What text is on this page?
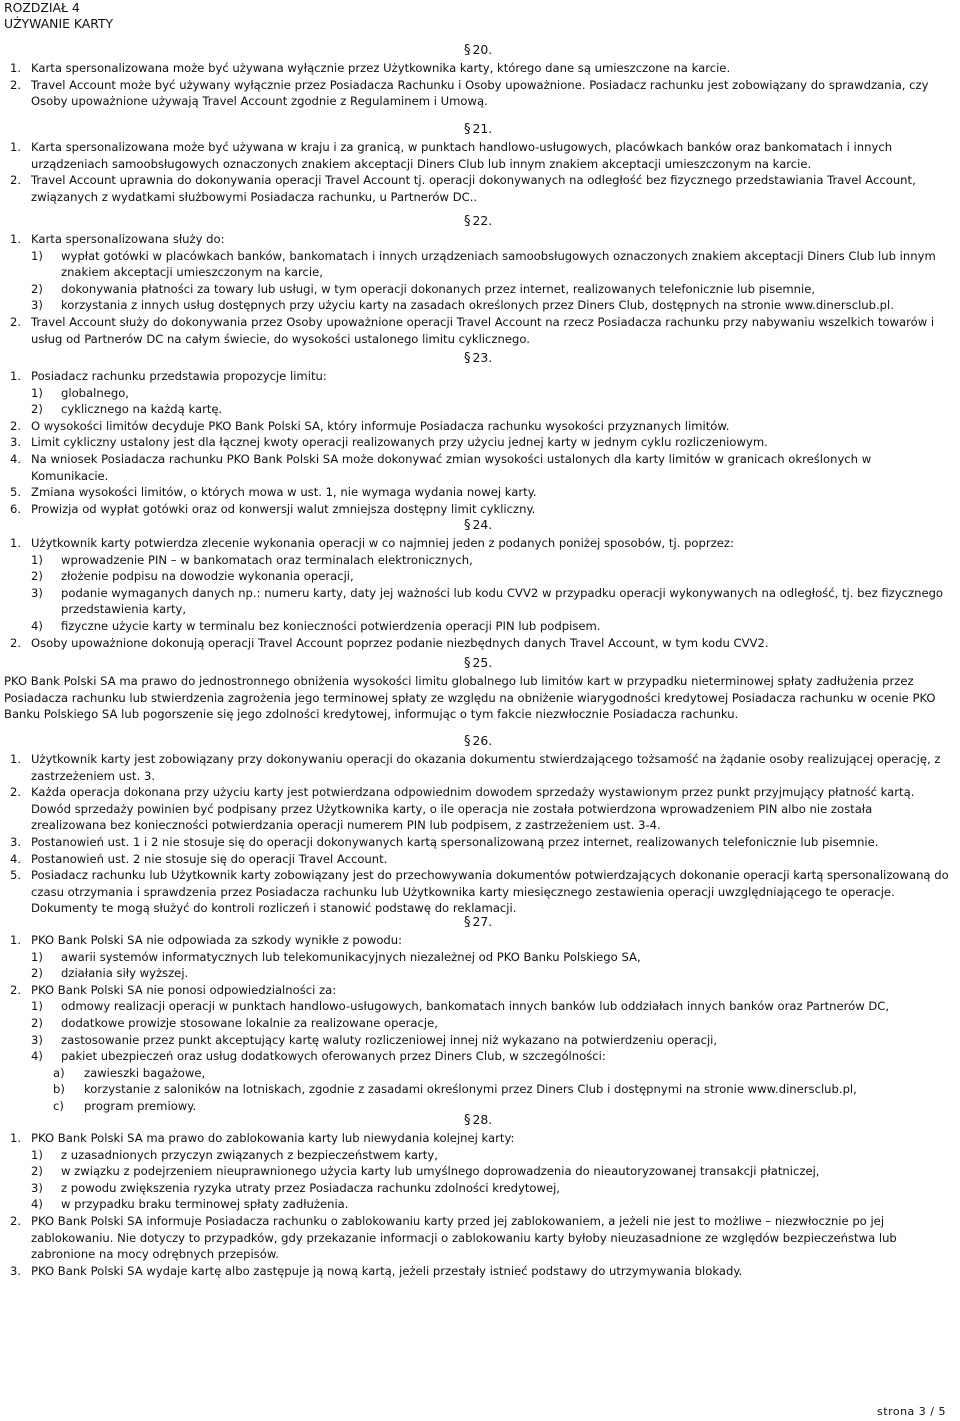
ROZDZIAŁ 4
UŻYWANIE KARTY
§ 20.
1. Karta spersonalizowana może być używana wyłącznie przez Użytkownika karty, którego dane są umieszczone na karcie.
2. Travel Account może być używany wyłącznie przez Posiadacza Rachunku i Osoby upoważnione. Posiadacz rachunku jest zobowiązany do sprawdzania, czy Osoby upoważnione używają Travel Account zgodnie z Regulaminem i Umową.
§ 21.
1. Karta spersonalizowana może być używana w kraju i za granicą, w punktach handlowo-usługowych, placówkach banków oraz bankomatach i innych urządzeniach samoobsługowych oznaczonych znakiem akceptacji Diners Club lub innym znakiem akceptacji umieszczonym na karcie.
2. Travel Account uprawnia do dokonywania operacji Travel Account tj. operacji dokonywanych na odległość bez fizycznego przedstawiania Travel Account, związanych z wydatkami służbowymi Posiadacza rachunku, u Partnerów DC..
§ 22.
1. Karta spersonalizowana służy do:
1) wypłat gotówki w placówkach banków, bankomatach i innych urządzeniach samoobsługowych oznaczonych znakiem akceptacji Diners Club lub innym znakiem akceptacji umieszczonym na karcie,
2) dokonywania płatności za towary lub usługi, w tym operacji dokonanych przez internet, realizowanych telefonicznie lub pisemnie,
3) korzystania z innych usług dostępnych przy użyciu karty na zasadach określonych przez Diners Club, dostępnych na stronie www.dinersclub.pl.
2. Travel Account służy do dokonywania przez Osoby upoważnione operacji Travel Account na rzecz Posiadacza rachunku przy nabywaniu wszelkich towarów i usług od Partnerów DC na całym świecie, do wysokości ustalonego limitu cyklicznego.
§ 23.
1. Posiadacz rachunku przedstawia propozycje limitu:
1) globalnego,
2) cyklicznego na każdą kartę.
2. O wysokości limitów decyduje PKO Bank Polski SA, który informuje Posiadacza rachunku wysokości przyznanych limitów.
3. Limit cykliczny ustalony jest dla łącznej kwoty operacji realizowanych przy użyciu jednej karty w jednym cyklu rozliczeniowym.
4. Na wniosek Posiadacza rachunku PKO Bank Polski SA może dokonywać zmian wysokości ustalonych dla karty limitów w granicach określonych w Komunikacie.
5. Zmiana wysokości limitów, o których mowa w ust. 1, nie wymaga wydania nowej karty.
6. Prowizja od wypłat gotówki oraz od konwersji walut zmniejsza dostępny limit cykliczny.
§ 24.
1. Użytkownik karty potwierdza zlecenie wykonania operacji w co najmniej jeden z podanych poniżej sposobów, tj. poprzez:
1) wprowadzenie PIN – w bankomatach oraz terminalach elektronicznych,
2) złożenie podpisu na dowodzie wykonania operacji,
3) podanie wymaganych danych np.: numeru karty, daty jej ważności lub kodu CVV2 w przypadku operacji wykonywanych na odległość, tj. bez fizycznego przedstawienia karty,
4) fizyczne użycie karty w terminalu bez konieczności potwierdzenia operacji PIN lub podpisem.
2. Osoby upoważnione dokonują operacji Travel Account poprzez podanie niezbędnych danych Travel Account, w tym kodu CVV2.
§ 25.
PKO Bank Polski SA ma prawo do jednostronnego obniżenia wysokości limitu globalnego lub limitów kart w przypadku nieterminowej spłaty zadłużenia przez Posiadacza rachunku lub stwierdzenia zagrożenia jego terminowej spłaty ze względu na obniżenie wiarygodności kredytowej Posiadacza rachunku w ocenie PKO Banku Polskiego SA lub pogorszenie się jego zdolności kredytowej, informując o tym fakcie niezwłocznie Posiadacza rachunku.
§ 26.
1. Użytkownik karty jest zobowiązany przy dokonywaniu operacji do okazania dokumentu stwierdzającego tożsamość na żądanie osoby realizującej operację, z zastrzeżeniem ust. 3.
2. Każda operacja dokonana przy użyciu karty jest potwierdzana odpowiednim dowodem sprzedaży wystawionym przez punkt przyjmujący płatność kartą. Dowód sprzedaży powinien być podpisany przez Użytkownika karty, o ile operacja nie została potwierdzona wprowadzeniem PIN albo nie została zrealizowana bez konieczności potwierdzania operacji numerem PIN lub podpisem, z zastrzeżeniem ust. 3-4.
3. Postanowień ust. 1 i 2 nie stosuje się do operacji dokonywanych kartą spersonalizowaną przez internet, realizowanych telefonicznie lub pisemnie.
4. Postanowień ust. 2 nie stosuje się do operacji Travel Account.
5. Posiadacz rachunku lub Użytkownik karty zobowiązany jest do przechowywania dokumentów potwierdzających dokonanie operacji kartą spersonalizowaną do czasu otrzymania i sprawdzenia przez Posiadacza rachunku lub Użytkownika karty miesięcznego zestawienia operacji uwzględniającego te operacje. Dokumenty te mogą służyć do kontroli rozliczeń i stanowić podstawę do reklamacji.
§ 27.
1. PKO Bank Polski SA nie odpowiada za szkody wynikłe z powodu:
1) awarii systemów informatycznych lub telekomunikacyjnych niezależnej od PKO Banku Polskiego SA,
2) działania siły wyższej.
2. PKO Bank Polski SA nie ponosi odpowiedzialności za:
1) odmowy realizacji operacji w punktach handlowo-usługowych, bankomatach innych banków lub oddziałach innych banków oraz Partnerów DC,
2) dodatkowe prowizje stosowane lokalnie za realizowane operacje,
3) zastosowanie przez punkt akceptujący kartę waluty rozliczeniowej innej niż wykazano na potwierdzeniu operacji,
4) pakiet ubezpieczeń oraz usług dodatkowych oferowanych przez Diners Club, w szczególności:
a) zawieszki bagażowe,
b) korzystanie z saloników na lotniskach, zgodnie z zasadami określonymi przez Diners Club i dostępnymi na stronie www.dinersclub.pl,
c) program premiowy.
§ 28.
1. PKO Bank Polski SA ma prawo do zablokowania karty lub niewydania kolejnej karty:
1) z uzasadnionych przyczyn związanych z bezpieczeństwem karty,
2) w związku z podejrzeniem nieuprawnionego użycia karty lub umyślnego doprowadzenia do nieautoryzowanej transakcji płatniczej,
3) z powodu zwiększenia ryzyka utraty przez Posiadacza rachunku zdolności kredytowej,
4) w przypadku braku terminowej spłaty zadłużenia.
2. PKO Bank Polski SA informuje Posiadacza rachunku o zablokowaniu karty przed jej zablokowaniem, a jeżeli nie jest to możliwe – niezwłocznie po jej zablokowaniu. Nie dotyczy to przypadków, gdy przekazanie informacji o zablokowaniu karty byłoby nieuzasadnione ze względów bezpieczeństwa lub zabronione na mocy odrębnych przepisów.
3. PKO Bank Polski SA wydaje kartę albo zastępuje ją nową kartą, jeżeli przestały istnieć podstawy do utrzymywania blokady.
strona 3 / 5
